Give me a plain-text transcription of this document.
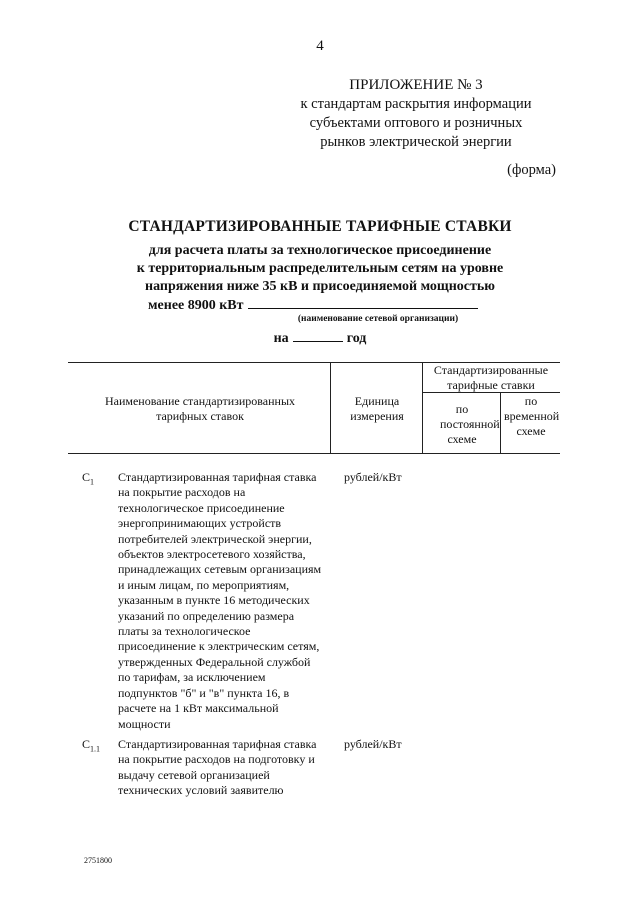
4
ПРИЛОЖЕНИЕ № 3
к стандартам раскрытия информации
субъектами оптового и розничных
рынков электрической энергии
(форма)
СТАНДАРТИЗИРОВАННЫЕ ТАРИФНЫЕ СТАВКИ
для расчета платы за технологическое присоединение
к территориальным распределительным сетям на уровне
напряжения ниже 35 кВ и присоединяемой мощностью
менее 8900 кВт
(наименование сетевой организации)
на	год
Наименование стандартизированных тарифных ставок
Единица измерения
Стандартизированные тарифные ставки
по постоянной схеме
по временной схеме
$C_1$ Стандартизированная тарифная ставка на покрытие расходов на технологическое присоединение энергопринимающих устройств потребителей электрической энергии, объектов электросетевого хозяйства, принадлежащих сетевым организациям и иным лицам, по мероприятиям, указанным в пункте 16 методических указаний по определению размера платы за технологическое присоединение к электрическим сетям, утвержденных Федеральной службой по тарифам, за исключением подпунктов "б" и "в" пункта 16, в расчете на 1 кВт максимальной мощности
рублей/кВт
$C_{1.1}$ Стандартизированная тарифная ставка на покрытие расходов на подготовку и выдачу сетевой организацией технических условий заявителю
рублей/кВт
2751800
